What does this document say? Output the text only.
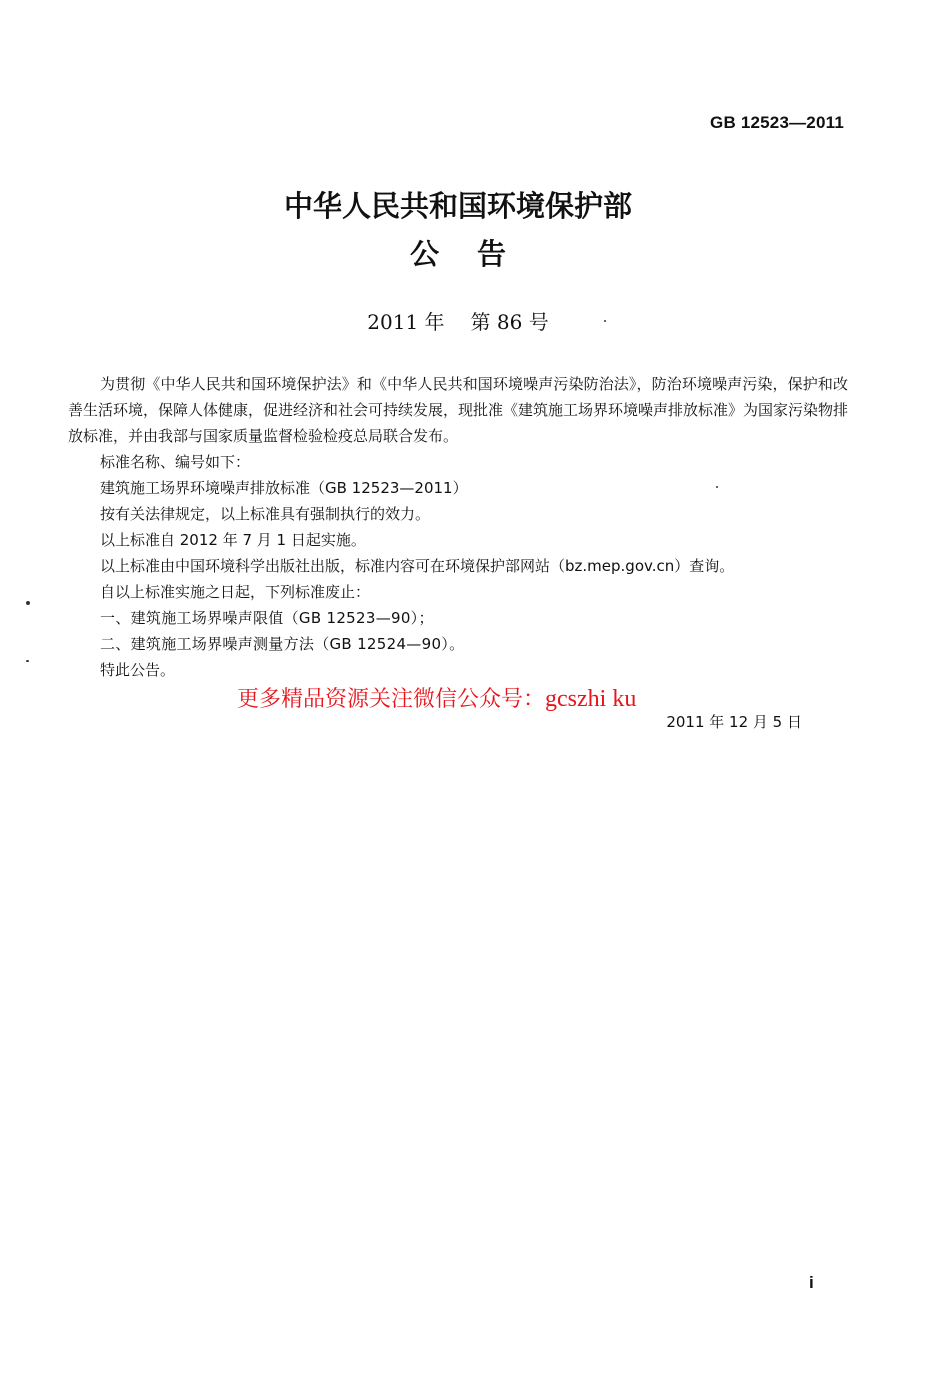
GB 12523—2011
中华人民共和国环境保护部
公告
2011 年 第 86 号

为贯彻《中华人民共和国环境保护法》和《中华人民共和国环境噪声污染防治法》，防治环境噪声污染，保护和改善生活环境，保障人体健康，促进经济和社会可持续发展，现批准《建筑施工场界环境噪声排放标准》为国家污染物排放标准，并由我部与国家质量监督检验检疫总局联合发布。

标准名称、编号如下：
建筑施工场界环境噪声排放标准（GB 12523—2011）
按有关法律规定，以上标准具有强制执行的效力。
以上标准自 2012 年 7 月 1 日起实施。
以上标准由中国环境科学出版社出版，标准内容可在环境保护部网站（bz.mep.gov.cn）查询。
自以上标准实施之日起，下列标准废止：
一、建筑施工场界噪声限值（GB 12523—90）；
二、建筑施工场界噪声测量方法（GB 12524—90）。
特此公告。
更多精品资源关注微信公众号：gcszhi ku
2011 年 12 月 5 日
i
